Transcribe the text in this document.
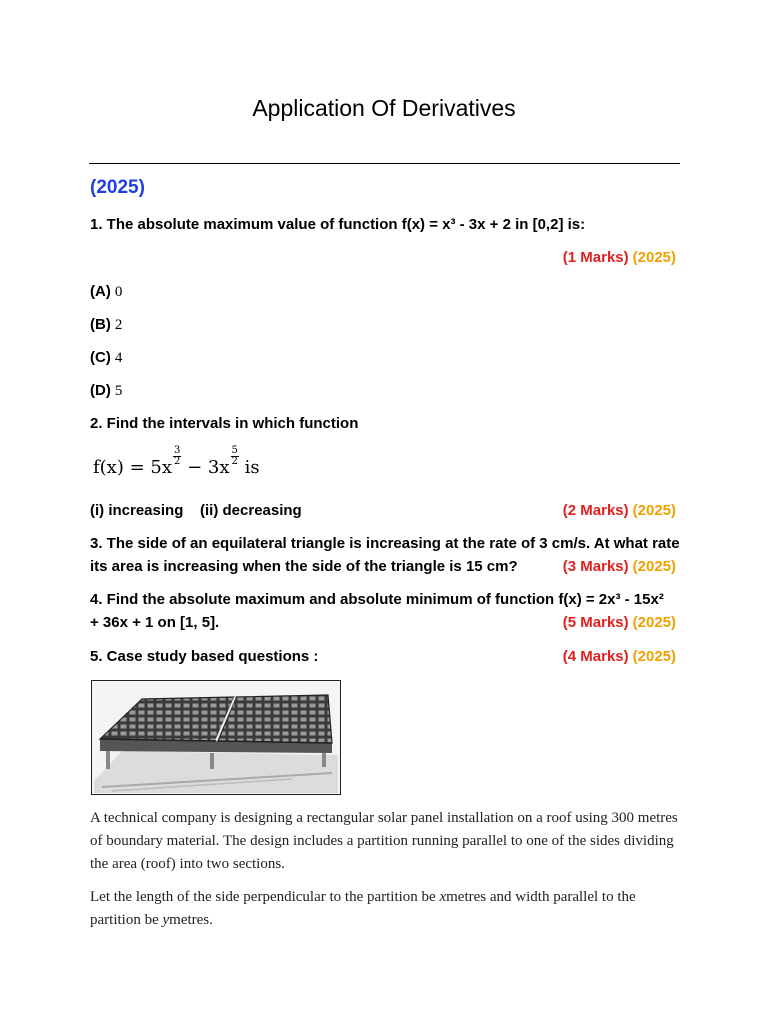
Application Of Derivatives
(2025)
1. The absolute maximum value of function f(x) = x³ - 3x + 2 in [0,2] is:
(1 Marks) (2025)
(A) 0
(B) 2
(C) 4
(D) 5
2. Find the intervals in which function
f(x) = 5x
$\frac{3}{2}$
− 3x
$\frac{5}{2}$
is
(i) increasing    (ii) decreasing	(2 Marks) (2025)
3. The side of an equilateral triangle is increasing at the rate of 3 cm/s. At what rate
its area is increasing when the side of the triangle is 15 cm?	(3 Marks) (2025)
4. Find the absolute maximum and absolute minimum of function f(x) = 2x³ - 15x²
+ 36x + 1 on [1, 5].	(5 Marks) (2025)
5. Case study based questions :	(4 Marks) (2025)
A technical company is designing a rectangular solar panel installation on a roof using 300 metres of boundary material. The design includes a partition running parallel to one of the sides dividing the area (roof) into two sections.
Let the length of the side perpendicular to the partition be xmetres and width parallel to the partition be ymetres.
